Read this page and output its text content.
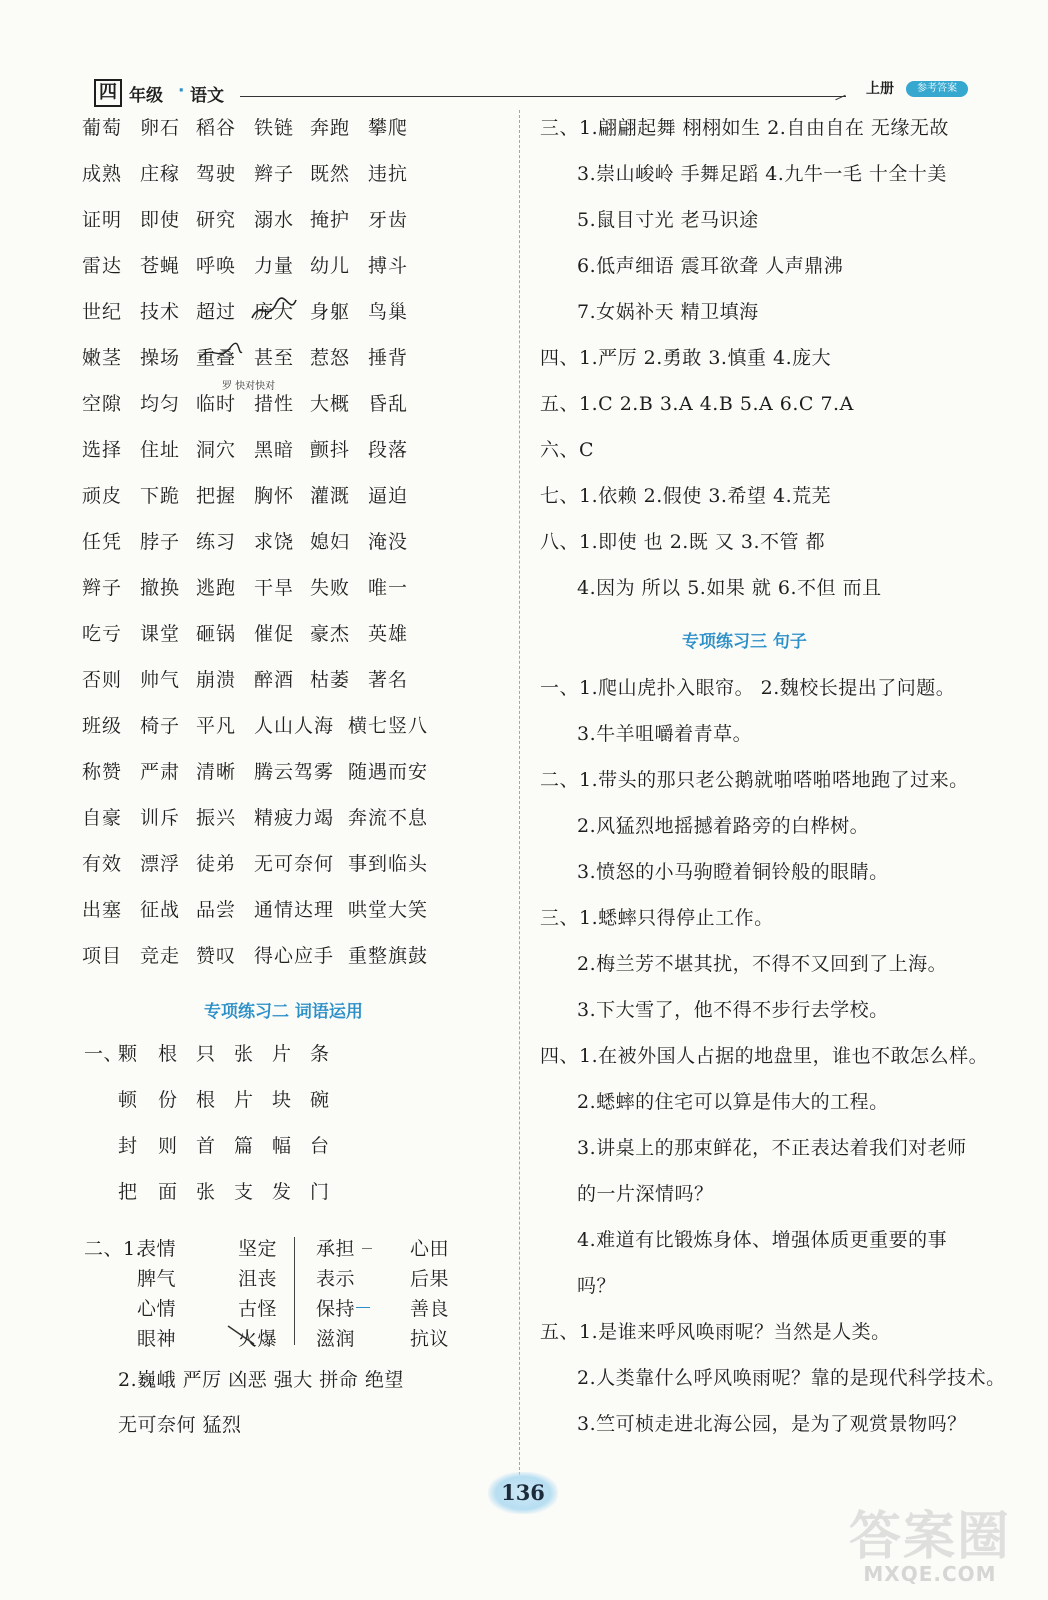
四 年级 · 语文	上册	参考答案
葡萄 卵石 稻谷 铁链 奔跑 攀爬
成熟 庄稼 驾驶 辫子 既然 违抗
证明 即使 研究 溺水 掩护 牙齿
雷达 苍蝇 呼唤 力量 幼儿 搏斗
世纪 技术 超过 庞大 身躯 鸟巢
嫩茎 操场 重叠 甚至 惹怒 捶背
空隙 均匀 临时 措性 大概 昏乱
选择 住址 洞穴 黑暗 颤抖 段落
顽皮 下跪 把握 胸怀 灌溉 逼迫
任凭 脖子 练习 求饶 媳妇 淹没
辫子 撤换 逃跑 干旱 失败 唯一
吃亏 课堂 砸锅 催促 豪杰 英雄
否则 帅气 崩溃 醉酒 枯萎 著名
班级 椅子 平凡 人山人海 横七竖八
称赞 严肃 清晰 腾云驾雾 随遇而安
自豪 训斥 振兴 精疲力竭 奔流不息
有效 漂浮 徒弟 无可奈何 事到临头
出塞 征战 品尝 通情达理 哄堂大笑
项目 竞走 赞叹 得心应手 重整旗鼓
罗 快对快对
专项练习二 词语运用
一、
颗 根 只 张 片 条
顿 份 根 片 块 碗
封 则 首 篇 幅 台
把 面 张 支 发 门
二、1.
表情
脾气
心情
眼神
坚定
沮丧
古怪
火爆
承担
表示
保持
滋润
心田
后果
善良
抗议
2.巍峨 严厉 凶恶 强大 拼命 绝望
无可奈何 猛烈
三、1.翩翩起舞 栩栩如生 2.自由自在 无缘无故
3.崇山峻岭 手舞足蹈 4.九牛一毛 十全十美
5.鼠目寸光 老马识途
6.低声细语 震耳欲聋 人声鼎沸
7.女娲补天 精卫填海
四、1.严厉 2.勇敢 3.慎重 4.庞大
五、1.C 2.B 3.A 4.B 5.A 6.C 7.A
六、C
七、1.依赖 2.假使 3.希望 4.荒芜
八、1.即使 也 2.既 又 3.不管 都
4.因为 所以 5.如果 就 6.不但 而且
专项练习三 句子
一、1.爬山虎扑入眼帘。 2.魏校长提出了问题。
3.牛羊咀嚼着青草。
二、1.带头的那只老公鹅就啪嗒啪嗒地跑了过来。
2.风猛烈地摇撼着路旁的白桦树。
3.愤怒的小马驹瞪着铜铃般的眼睛。
三、1.蟋蟀只得停止工作。
2.梅兰芳不堪其扰，不得不又回到了上海。
3.下大雪了，他不得不步行去学校。
四、1.在被外国人占据的地盘里，谁也不敢怎么样。
2.蟋蟀的住宅可以算是伟大的工程。
3.讲桌上的那束鲜花，不正表达着我们对老师
的一片深情吗？
4.难道有比锻炼身体、增强体质更重要的事
吗？
五、1.是谁来呼风唤雨呢？当然是人类。
2.人类靠什么呼风唤雨呢？靠的是现代科学技术。
3.竺可桢走进北海公园，是为了观赏景物吗？
136
答案圈
MXQE.COM
